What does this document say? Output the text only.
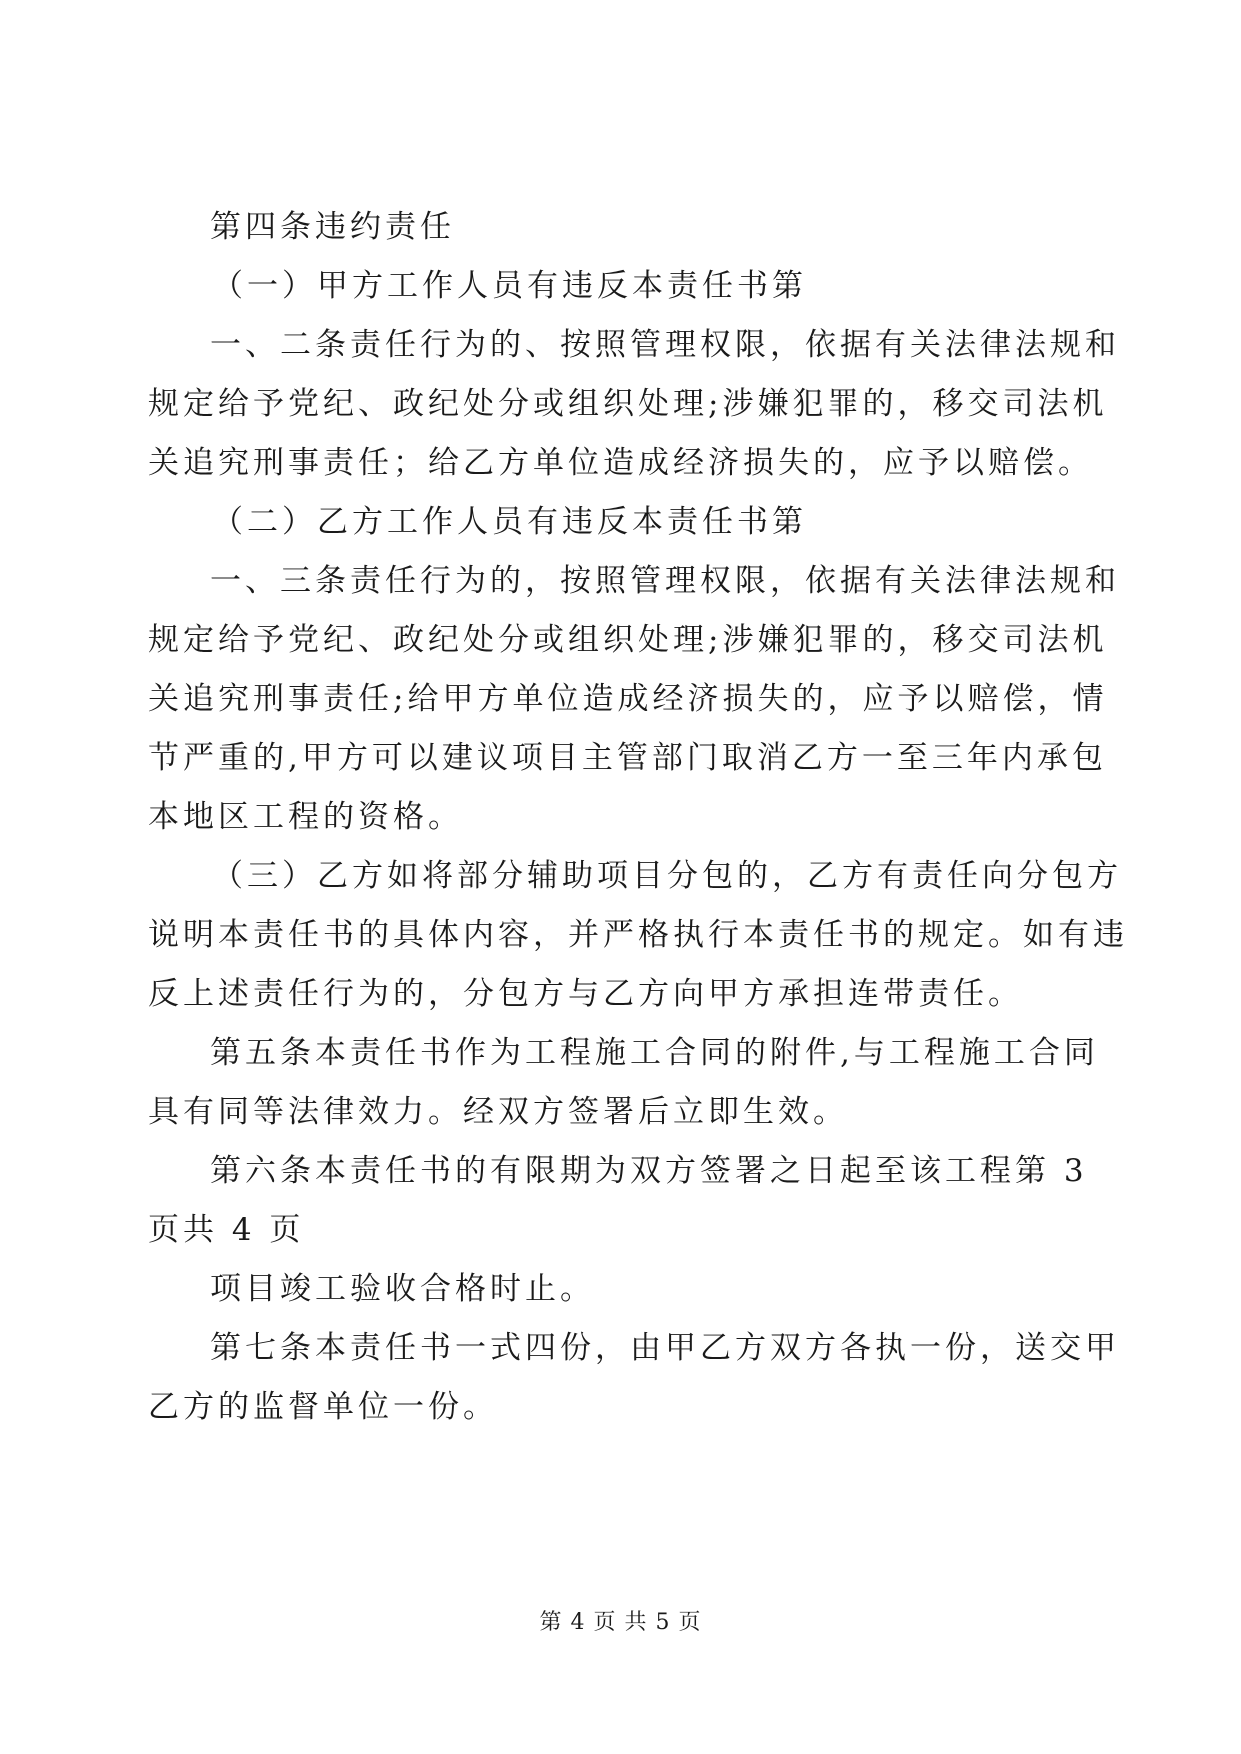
第四条违约责任

（一）甲方工作人员有违反本责任书第

一、二条责任行为的、按照管理权限，依据有关法律法规和

规定给予党纪、政纪处分或组织处理;涉嫌犯罪的，移交司法机

关追究刑事责任；给乙方单位造成经济损失的，应予以赔偿。

（二）乙方工作人员有违反本责任书第

一、三条责任行为的，按照管理权限，依据有关法律法规和

规定给予党纪、政纪处分或组织处理;涉嫌犯罪的，移交司法机

关追究刑事责任;给甲方单位造成经济损失的，应予以赔偿，情

节严重的,甲方可以建议项目主管部门取消乙方一至三年内承包

本地区工程的资格。

（三）乙方如将部分辅助项目分包的，乙方有责任向分包方

说明本责任书的具体内容，并严格执行本责任书的规定。如有违

反上述责任行为的，分包方与乙方向甲方承担连带责任。

第五条本责任书作为工程施工合同的附件,与工程施工合同

具有同等法律效力。经双方签署后立即生效。

第六条本责任书的有限期为双方签署之日起至该工程第 3

页共 4 页

项目竣工验收合格时止。

第七条本责任书一式四份，由甲乙方双方各执一份，送交甲

乙方的监督单位一份。

第 4 页 共 5 页
